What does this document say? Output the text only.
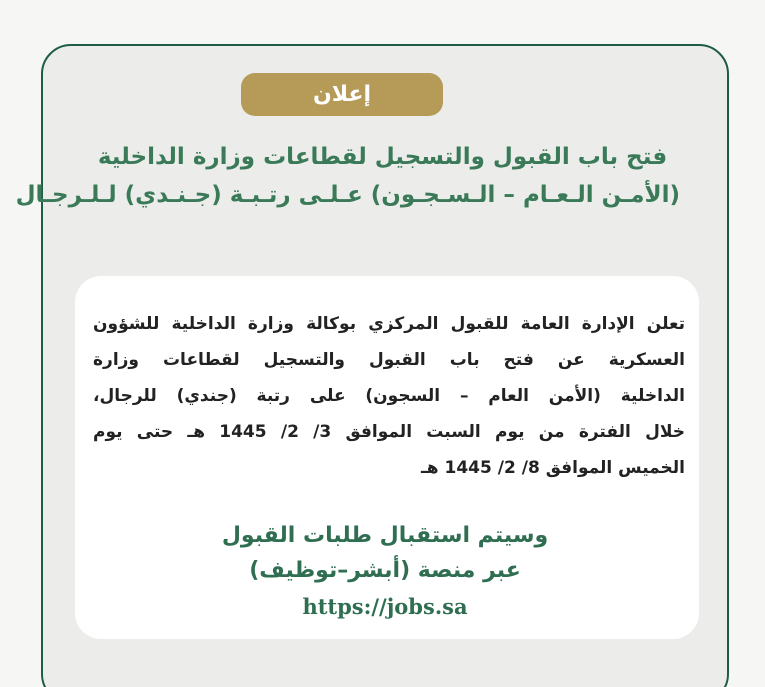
إعلان
فتح باب القبول والتسجيل لقطاعات وزارة الداخلية
(الأمـن الـعـام – الـسـجـون) عـلـى رتـبـة (جـنـدي) لـلـرجـال
تعلن الإدارة العامة للقبول المركزي بوكالة وزارة الداخلية للشؤون
العسكرية عن فتح باب القبول والتسجيل لقطاعات وزارة
الداخلية (الأمن العام – السجون) على رتبة (جندي) للرجال،
خلال الفترة من يوم السبت الموافق 3/ 2/ 1445 هـ حتى يوم
الخميس الموافق 8/ 2/ 1445 هـ
وسيتم استقبال طلبات القبول
عبر منصة (أبشر–توظيف)
https://jobs.sa
